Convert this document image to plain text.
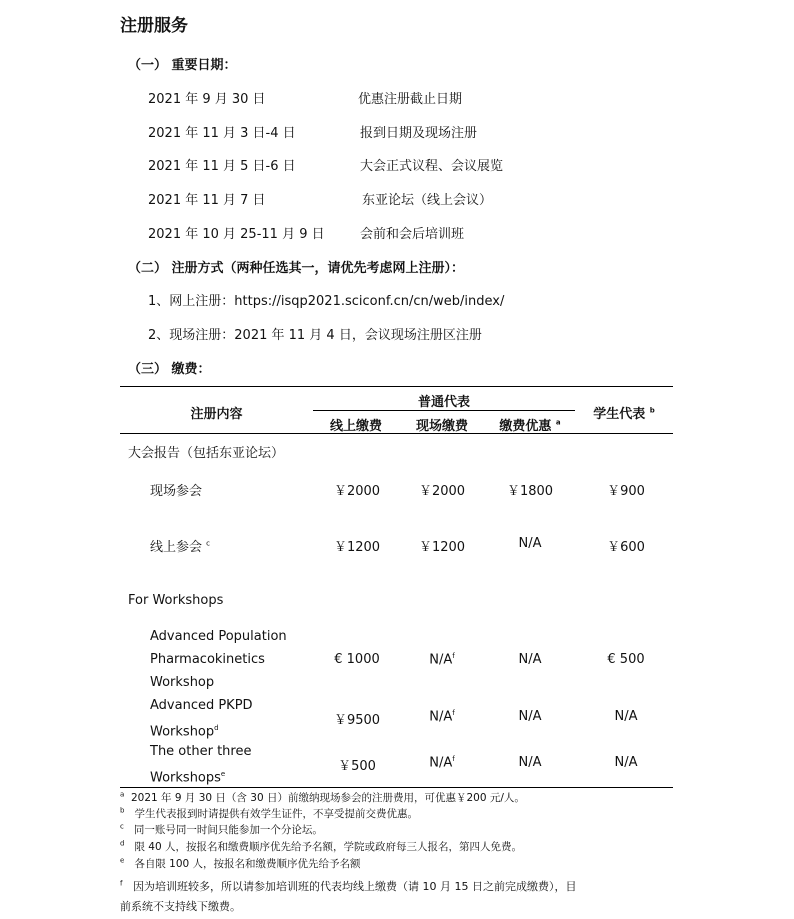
注册服务
（一） 重要日期：
2021 年 9 月 30 日	优惠注册截止日期
2021 年 11 月 3 日-4 日	报到日期及现场注册
2021 年 11 月 5 日-6 日	大会正式议程、会议展览
2021 年 11 月 7 日	东亚论坛（线上会议）
2021 年 10 月 25-11 月 9 日	会前和会后培训班
（二） 注册方式（两种任选其一，请优先考虑网上注册）：
1、网上注册：https://isqp2021.sciconf.cn/cn/web/index/
2、现场注册：2021 年 11 月 4 日，会议现场注册区注册
（三） 缴费：
注册内容
普通代表
线上缴费	现场缴费	缴费优惠 $^a$
学生代表 $^b$
大会报告（包括东亚论坛）
现场参会	￥2000	￥2000	￥1800	￥900
线上参会 $^c$	￥1200	￥1200	N/A	￥600
For Workshops
Advanced Population
Pharmacokinetics
Workshop
€ 1000	$N/A^f$	N/A	€ 500
Advanced PKPD
Workshop$^d$	￥9500	$N/A^f$	N/A	N/A
The other three
Workshops$^e$	￥500	$N/A^f$	N/A	N/A
$^a$ 2021 年 9 月 30 日（含 30 日）前缴纳现场参会的注册费用，可优惠￥200 元/人。
$^b$ 学生代表报到时请提供有效学生证件，不享受提前交费优惠。
$^c$ 同一账号同一时间只能参加一个分论坛。
$^d$ 限 40 人，按报名和缴费顺序优先给予名额，学院或政府每三人报名，第四人免费。
$^e$ 各自限 100 人，按报名和缴费顺序优先给予名额
$^f$ 因为培训班较多，所以请参加培训班的代表均线上缴费（请 10 月 15 日之前完成缴费），目
前系统不支持线下缴费。
